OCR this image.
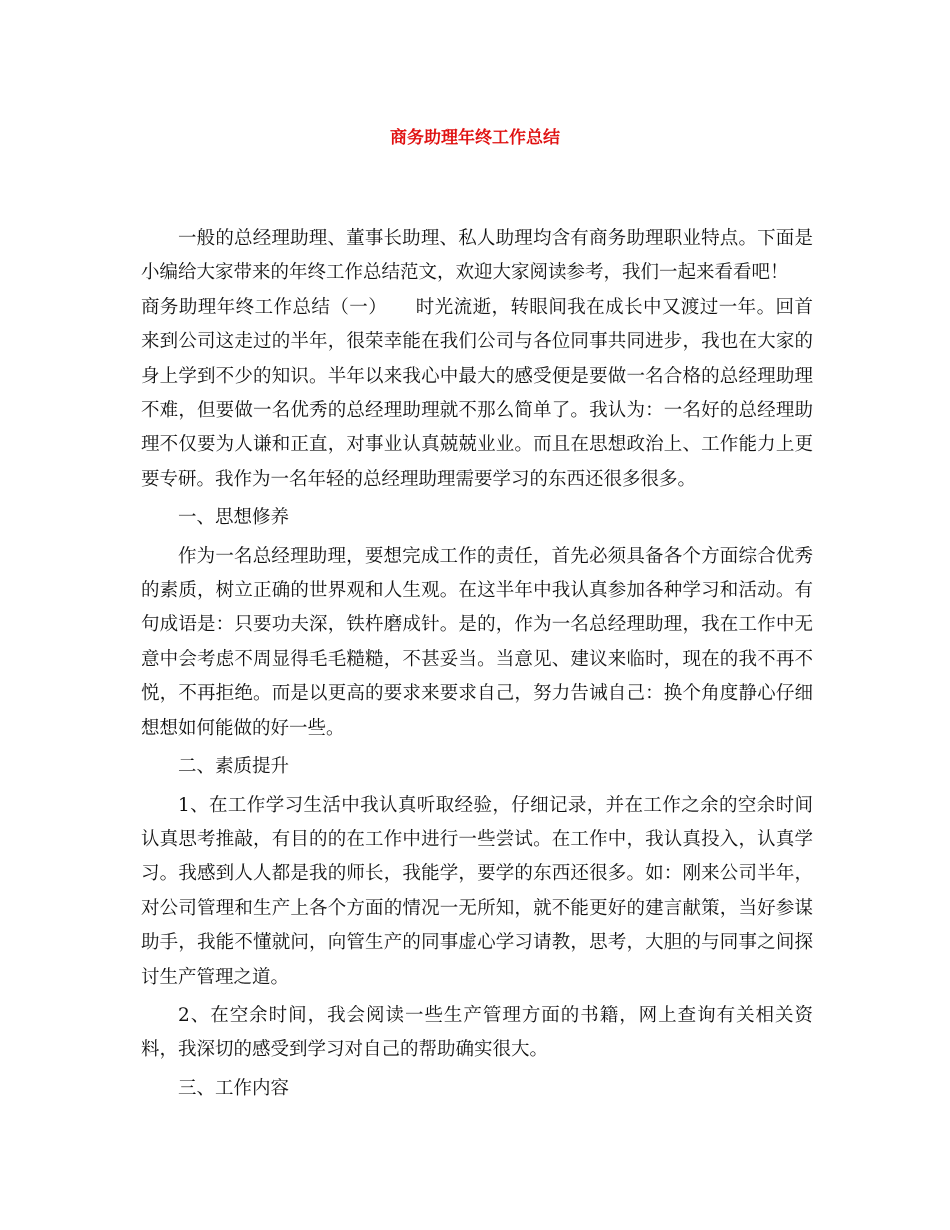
商务助理年终工作总结

一般的总经理助理、董事长助理、私人助理均含有商务助理职业特点。下面是小编给大家带来的年终工作总结范文，欢迎大家阅读参考，我们一起来看看吧！

商务助理年终工作总结（一）　　时光流逝，转眼间我在成长中又渡过一年。回首来到公司这走过的半年，很荣幸能在我们公司与各位同事共同进步，我也在大家的身上学到不少的知识。半年以来我心中最大的感受便是要做一名合格的总经理助理不难，但要做一名优秀的总经理助理就不那么简单了。我认为：一名好的总经理助理不仅要为人谦和正直，对事业认真兢兢业业。而且在思想政治上、工作能力上更要专研。我作为一名年轻的总经理助理需要学习的东西还很多很多。

一、思想修养

作为一名总经理助理，要想完成工作的责任，首先必须具备各个方面综合优秀的素质，树立正确的世界观和人生观。在这半年中我认真参加各种学习和活动。有句成语是：只要功夫深，铁杵磨成针。是的，作为一名总经理助理，我在工作中无意中会考虑不周显得毛毛糙糙，不甚妥当。当意见、建议来临时，现在的我不再不悦，不再拒绝。而是以更高的要求来要求自己，努力告诫自己：换个角度静心仔细想想如何能做的好一些。

二、素质提升

1、在工作学习生活中我认真听取经验，仔细记录，并在工作之余的空余时间认真思考推敲，有目的的在工作中进行一些尝试。在工作中，我认真投入，认真学习。我感到人人都是我的师长，我能学，要学的东西还很多。如：刚来公司半年，对公司管理和生产上各个方面的情况一无所知，就不能更好的建言献策，当好参谋助手，我能不懂就问，向管生产的同事虚心学习请教，思考，大胆的与同事之间探讨生产管理之道。

2、在空余时间，我会阅读一些生产管理方面的书籍，网上查询有关相关资料，我深切的感受到学习对自己的帮助确实很大。

三、工作内容
